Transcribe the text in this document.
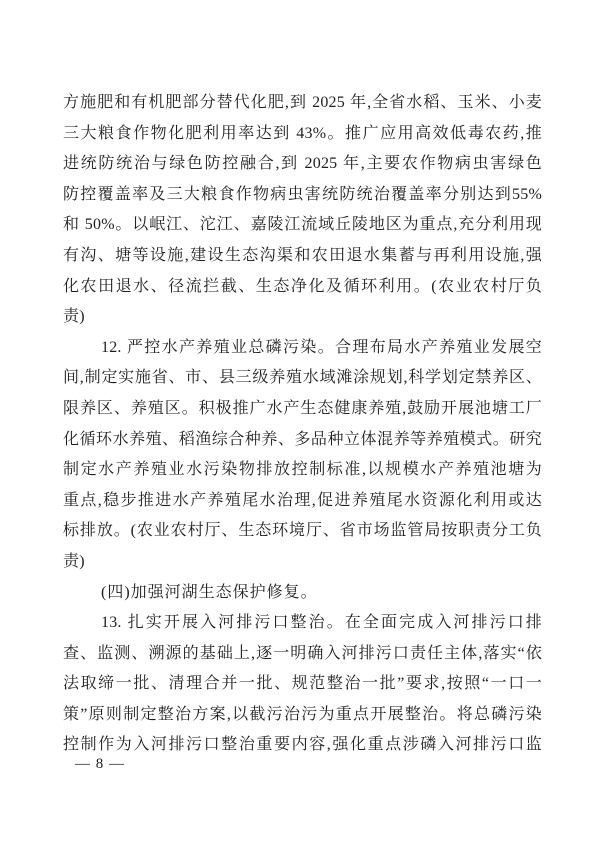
方施肥和有机肥部分替代化肥,到 2025 年,全省水稻、玉米、小麦
三大粮食作物化肥利用率达到 43%。推广应用高效低毒农药,推
进统防统治与绿色防控融合,到 2025 年,主要农作物病虫害绿色
防控覆盖率及三大粮食作物病虫害统防统治覆盖率分别达到55%
和 50%。以岷江、沱江、嘉陵江流域丘陵地区为重点,充分利用现
有沟、塘等设施,建设生态沟渠和农田退水集蓄与再利用设施,强
化农田退水、径流拦截、生态净化及循环利用。(农业农村厅负
责)
12. 严控水产养殖业总磷污染。合理布局水产养殖业发展空
间,制定实施省、市、县三级养殖水域滩涂规划,科学划定禁养区、
限养区、养殖区。积极推广水产生态健康养殖,鼓励开展池塘工厂
化循环水养殖、稻渔综合种养、多品种立体混养等养殖模式。研究
制定水产养殖业水污染物排放控制标准,以规模水产养殖池塘为
重点,稳步推进水产养殖尾水治理,促进养殖尾水资源化利用或达
标排放。(农业农村厅、生态环境厅、省市场监管局按职责分工负
责)
(四)加强河湖生态保护修复。
13. 扎实开展入河排污口整治。在全面完成入河排污口排
查、监测、溯源的基础上,逐一明确入河排污口责任主体,落实“依
法取缔一批、清理合并一批、规范整治一批”要求,按照“一口一
策”原则制定整治方案,以截污治污为重点开展整治。将总磷污染
控制作为入河排污口整治重要内容,强化重点涉磷入河排污口监
— 8 —
